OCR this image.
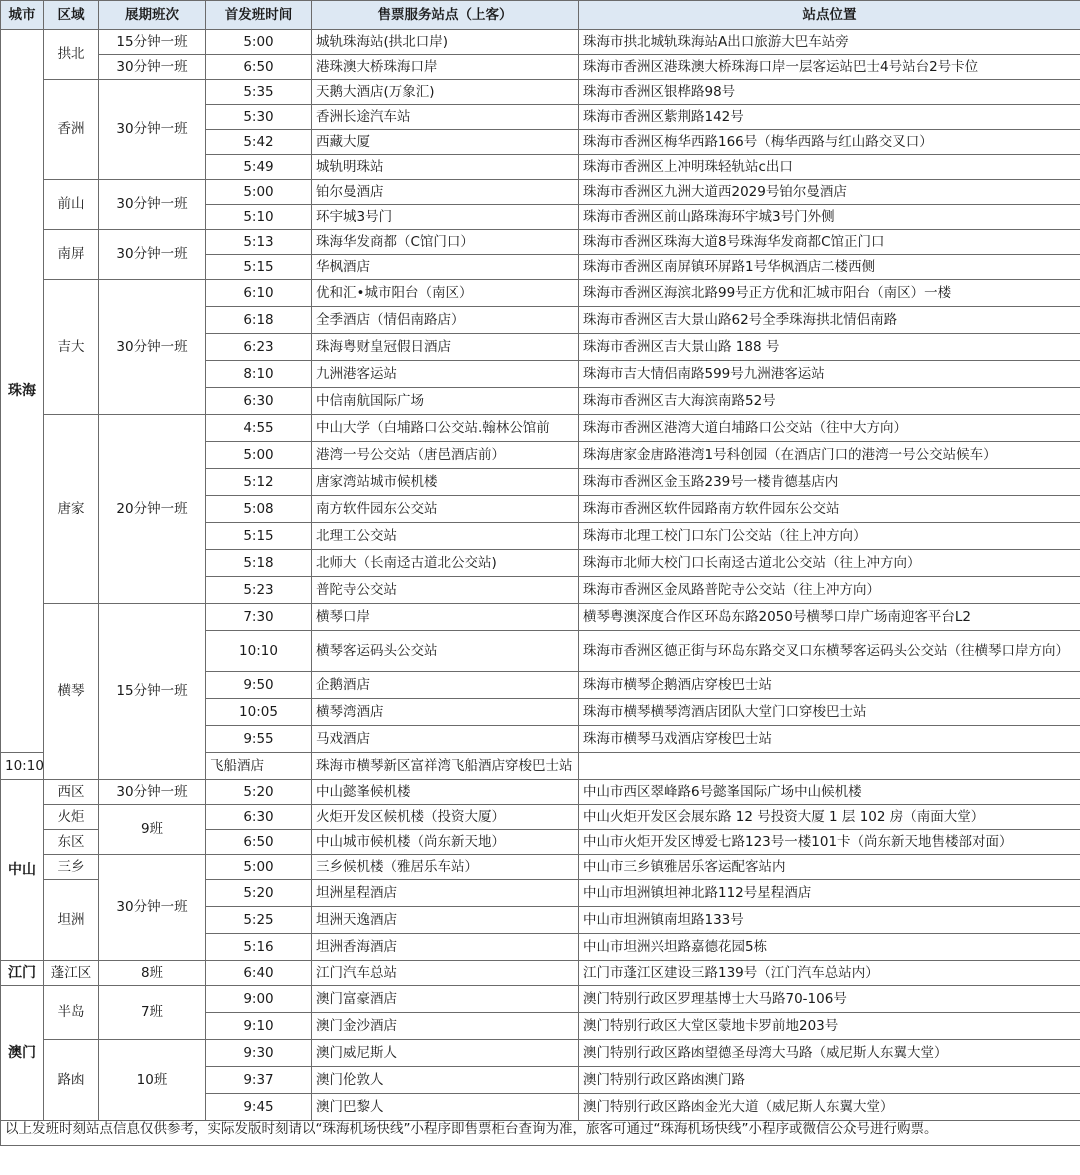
城市	区域	展期班次	首发班时间	售票服务站点（上客）	站点位置
珠海	拱北	15分钟一班	5:00	城轨珠海站(拱北口岸)	珠海市拱北城轨珠海站A出口旅游大巴车站旁
		30分钟一班	6:50	港珠澳大桥珠海口岸	珠海市香洲区港珠澳大桥珠海口岸一层客运站巴士4号站台2号卡位
	香洲	30分钟一班	5:35	天鹅大酒店(万象汇)	珠海市香洲区银桦路98号
			5:30	香洲长途汽车站	珠海市香洲区紫荆路142号
			5:42	西藏大厦	珠海市香洲区梅华西路166号（梅华西路与红山路交叉口）
			5:49	城轨明珠站	珠海市香洲区上冲明珠轻轨站c出口
	前山	30分钟一班	5:00	铂尔曼酒店	珠海市香洲区九洲大道西2029号铂尔曼酒店
			5:10	环宇城3号门	珠海市香洲区前山路珠海环宇城3号门外侧
	南屏	30分钟一班	5:13	珠海华发商都（C馆门口）	珠海市香洲区珠海大道8号珠海华发商都C馆正门口
			5:15	华枫酒店	珠海市香洲区南屏镇环屏路1号华枫酒店二楼西侧
	吉大	30分钟一班	6:10	优和汇•城市阳台（南区）	珠海市香洲区海滨北路99号正方优和汇城市阳台（南区）一楼
			6:18	全季酒店（情侣南路店）	珠海市香洲区吉大景山路62号全季珠海拱北情侣南路
			6:23	珠海粤财皇冠假日酒店	珠海市香洲区吉大景山路 188 号
			8:10	九洲港客运站	珠海市吉大情侣南路599号九洲港客运站
			6:30	中信南航国际广场	珠海市香洲区吉大海滨南路52号
	唐家	20分钟一班	4:55	中山大学（白埔路口公交站.翰林公馆前	珠海市香洲区港湾大道白埔路口公交站（往中大方向）
			5:00	港湾一号公交站（唐邑酒店前）	珠海唐家金唐路港湾1号科创园（在酒店门口的港湾一号公交站候车）
			5:12	唐家湾站城市候机楼	珠海市香洲区金玉路239号一楼肯德基店内
			5:08	南方软件园东公交站	珠海市香洲区软件园路南方软件园东公交站
			5:15	北理工公交站	珠海市北理工校门口东门公交站（往上冲方向）
			5:18	北师大（长南迳古道北公交站)	珠海市北师大校门口长南迳古道北公交站（往上冲方向）
			5:23	普陀寺公交站	珠海市香洲区金凤路普陀寺公交站（往上冲方向）
	横琴	15分钟一班	7:30	横琴口岸	横琴粤澳深度合作区环岛东路2050号横琴口岸广场南迎客平台L2
			10:10	横琴客运码头公交站	珠海市香洲区德正街与环岛东路交叉口东横琴客运码头公交站（往横琴口岸方向）
			9:50	企鹅酒店	珠海市横琴企鹅酒店穿梭巴士站
			10:05	横琴湾酒店	珠海市横琴横琴湾酒店团队大堂门口穿梭巴士站
			9:55	马戏酒店	珠海市横琴马戏酒店穿梭巴士站
10:10			飞船酒店	珠海市横琴新区富祥湾飞船酒店穿梭巴士站	
中山	西区	30分钟一班	5:20	中山懿峯候机楼	中山市西区翠峰路6号懿峯国际广场中山候机楼
	火炬	9班	6:30	火炬开发区候机楼（投资大厦）	中山火炬开发区会展东路 12 号投资大厦 1 层 102 房（南面大堂）
	东区		6:50	中山城市候机楼（尚东新天地）	中山市火炬开发区博爱七路123号一楼101卡（尚东新天地售楼部对面）
	三乡	30分钟一班	5:00	三乡候机楼（雅居乐车站）	中山市三乡镇雅居乐客运配客站内
	坦洲		5:20	坦洲星程酒店	中山市坦洲镇坦神北路112号星程酒店
			5:25	坦洲天逸酒店	中山市坦洲镇南坦路133号
			5:16	坦洲香海酒店	中山市坦洲兴坦路嘉德花园5栋
江门	蓬江区	8班	6:40	江门汽车总站	江门市蓬江区建设三路139号（江门汽车总站内）
澳门	半岛	7班	9:00	澳门富豪酒店	澳门特别行政区罗理基博士大马路70-106号
			9:10	澳门金沙酒店	澳门特别行政区大堂区蒙地卡罗前地203号
	路凼	10班	9:30	澳门威尼斯人	澳门特别行政区路凼望德圣母湾大马路（威尼斯人东翼大堂）
			9:37	澳门伦敦人	澳门特别行政区路凼澳门路
			9:45	澳门巴黎人	澳门特别行政区路凼金光大道（威尼斯人东翼大堂）
以上发班时刻站点信息仅供参考，实际发版时刻请以“珠海机场快线”小程序即售票柜台查询为准，旅客可通过“珠海机场快线”小程序或微信公众号进行购票。					
